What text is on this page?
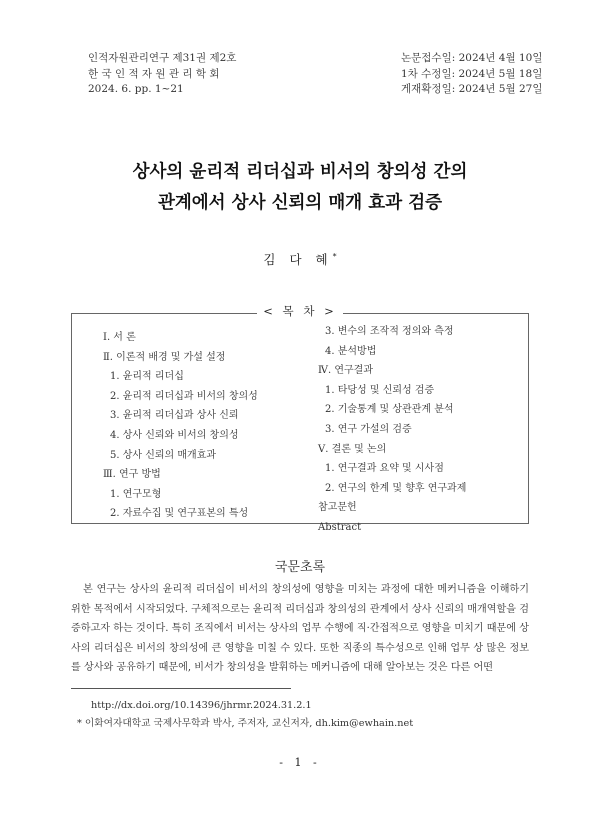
인적자원관리연구 제31권 제2호
한 국 인 적 자 원 관 리 학 회
2024. 6. pp. 1~21
논문접수일: 2024년 4월 10일
1차 수정일: 2024년 5월 18일
게재확정일: 2024년 5월 27일
상사의 윤리적 리더십과 비서의 창의성 간의
관계에서 상사 신뢰의 매개 효과 검증
김 다 혜*
< 목 차 >
Ⅰ. 서 론
Ⅱ. 이론적 배경 및 가설 설정
1. 윤리적 리더십
2. 윤리적 리더십과 비서의 창의성
3. 윤리적 리더십과 상사 신뢰
4. 상사 신뢰와 비서의 창의성
5. 상사 신뢰의 매개효과
Ⅲ. 연구 방법
1. 연구모형
2. 자료수집 및 연구표본의 특성
3. 변수의 조작적 정의와 측정
4. 분석방법
Ⅳ. 연구결과
1. 타당성 및 신뢰성 검증
2. 기술통계 및 상관관계 분석
3. 연구 가설의 검증
Ⅴ. 결론 및 논의
1. 연구결과 요약 및 시사점
2. 연구의 한계 및 향후 연구과제
참고문헌
Abstract
국문초록

본 연구는 상사의 윤리적 리더십이 비서의 창의성에 영향을 미치는 과정에 대한 메커니즘을 이해하기 위한 목적에서 시작되었다. 구체적으로는 윤리적 리더십과 창의성의 관계에서 상사 신뢰의 매개역할을 검증하고자 하는 것이다. 특히 조직에서 비서는 상사의 업무 수행에 직·간접적으로 영향을 미치기 때문에 상사의 리더십은 비서의 창의성에 큰 영향을 미칠 수 있다. 또한 직종의 특수성으로 인해 업무 상 많은 정보를 상사와 공유하기 때문에, 비서가 창의성을 발휘하는 메커니즘에 대해 알아보는 것은 다른 어떤

http://dx.doi.org/10.14396/jhrmr.2024.31.2.1
* 이화여자대학교 국제사무학과 박사, 주저자, 교신저자, dh.kim@ewhain.net
- 1 -
